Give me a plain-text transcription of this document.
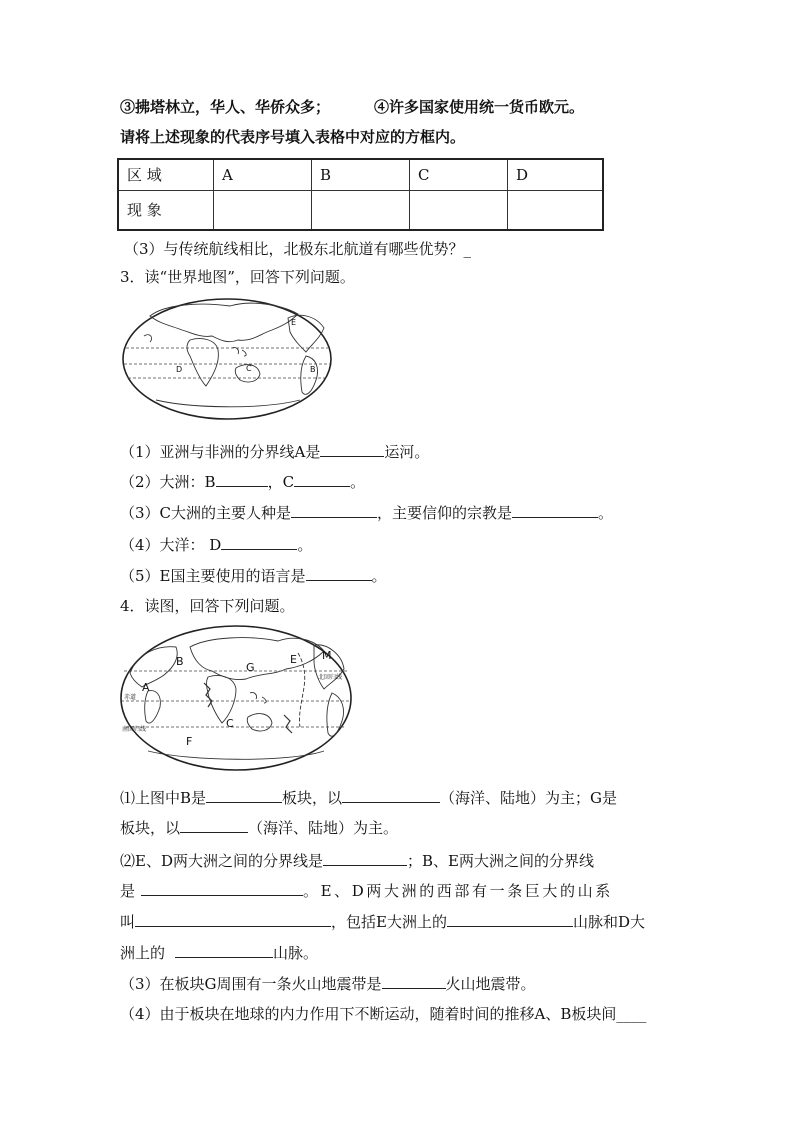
③拂塔林立，华人、华侨众多；	④许多国家使用统一货币欧元。
请将上述现象的代表序号填入表格中对应的方框内。
区 域	A	B	C	D
现 象				
（3）与传统航线相比，北极东北航道有哪些优势？_
3．读“世界地图”，回答下列问题。
E
D	B
C
（1）亚洲与非洲的分界线A是	运河。
（2）大洲：B	，C	。
（3）C大洲的主要人种是	，主要信仰的宗教是	。
（4）大洋： D	。
（5）E国主要使用的语言是	。
4．读图，回答下列问题。
B	G
E M
A
C
F
赤道
南回归线
北回归线
⑴上图中B是	板块，以	（海洋、陆地）为主；G是
板块，以	（海洋、陆地）为主。
⑵E、D两大洲之间的分界线是	；B、E两大洲之间的分界线
是	。E、D两大洲的西部有一条巨大的山系
叫	，包括E大洲上的	山脉和D大
洲上的	山脉。
（3）在板块G周围有一条火山地震带是	火山地震带。
（4）由于板块在地球的内力作用下不断运动，随着时间的推移A、B板块间____
